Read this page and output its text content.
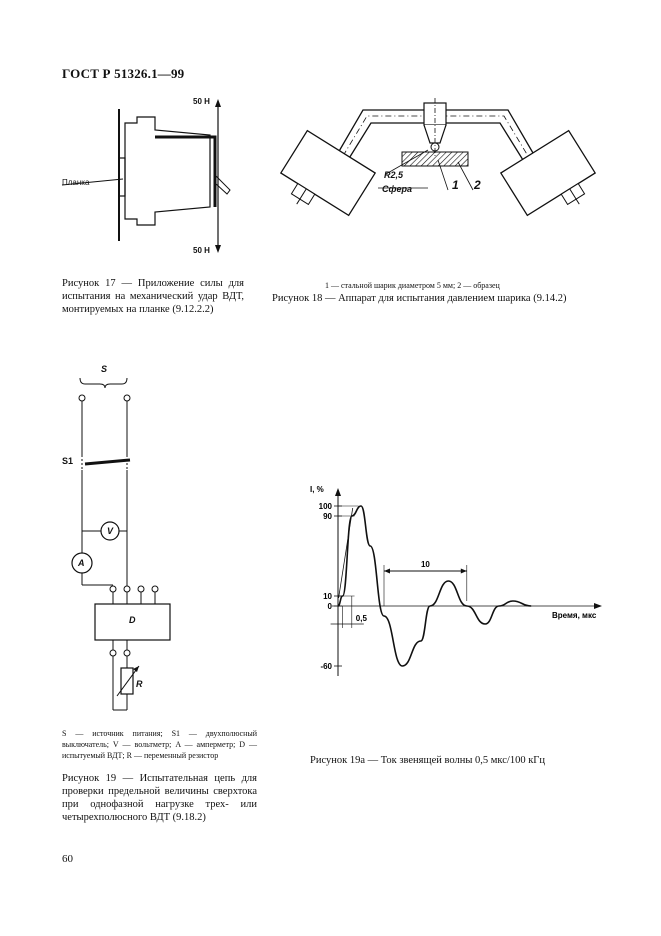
ГОСТ Р 51326.1—99
50 Н
50 Н
Планка
Рисунок 17 — Приложение силы для испытания на механический удар ВДТ, монтируемых на планке (9.12.2.2)
R2,5
Сфера	1 2
1 — стальной шарик диаметром 5 мм; 2 — образец
Рисунок 18 — Аппарат для испытания давлением шарика (9.14.2)
S
S1
V
A
D
R
S — источник питания; S1 — двухполюсный выключатель; V — вольтметр; A — амперметр; D — испытуемый ВДТ; R — переменный резистор
Рисунок 19 — Испытательная цепь для проверки предельной величины сверхтока при однофазной нагрузке трех- или четырехполюсного ВДТ (9.18.2)
I, %
Время, мкс
100
90
10
0
-60
10
0,5
Рисунок 19а — Ток звенящей волны 0,5 мкс/100 кГц
60
